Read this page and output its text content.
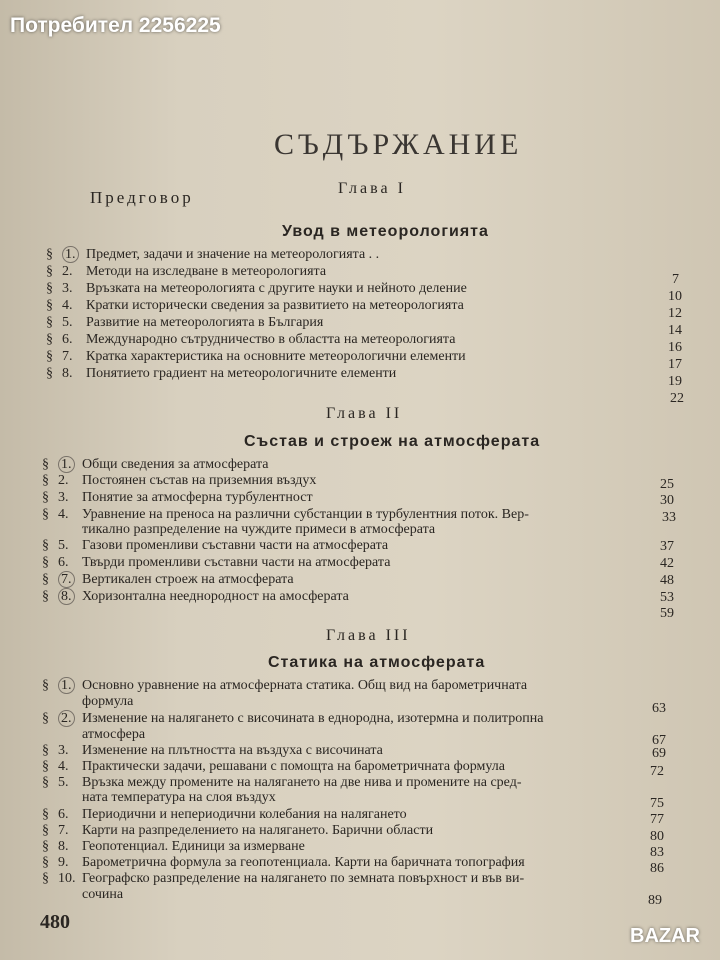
Потребител 2256225
СЪДЪРЖАНИЕ
Предговор	Глава I
Увод в метеорологията
§ 1. Предмет, задачи и значение на метеорологията . .
§ 2. Методи на изследване в метеорологията
§ 3. Връзката на метеорологията с другите науки и нейното деление
§ 4. Кратки исторически сведения за развитието на метеорологията
§ 5. Развитие на метеорологията в България
§ 6. Международно сътрудничество в областта на метеорологията
§ 7. Кратка характеристика на основните метеорологични елементи
§ 8. Понятието градиент на метеорологичните елементи
7
10
12
14
16
17
19
22
Глава II
Състав и строеж на атмосферата
§ 1. Общи сведения за атмосферата
§ 2. Постоянен състав на приземния въздух
§ 3. Понятие за атмосферна турбулентност
§ 4. Уравнение на преноса на различни субстанции в турбулентния поток. Вер-
тикално разпределение на чуждите примеси в атмосферата
§ 5. Газови променливи съставни части на атмосферата
§ 6. Твърди променливи съставни части на атмосферата
§ 7. Вертикален строеж на атмосферата
§ 8. Хоризонтална нееднородност на амосферата
25
30
33
37
42
48
53
59
Глава III
Статика на атмосферата
§ 1. Основно уравнение на атмосферната статика. Общ вид на барометричната
формула
§ 2. Изменение на налягането с височината в еднородна, изотермна и политропна
атмосфера
§ 3. Изменение на плътността на въздуха с височината
§ 4. Практически задачи, решавани с помощта на барометричната формула
§ 5. Връзка между промените на налягането на две нива и промените на сред-
ната температура на слоя въздух
§ 6. Периодични и непериодични колебания на налягането
§ 7. Карти на разпределението на налягането. Барични области
§ 8. Геопотенциал. Единици за измерване
§ 9. Барометрична формула за геопотенциала. Карти на баричната топография
§ 10. Географско разпределение на налягането по земната повърхност и във ви-
сочина
63
67
69
72
75
77
80
83
86
89
480
BAZAR
